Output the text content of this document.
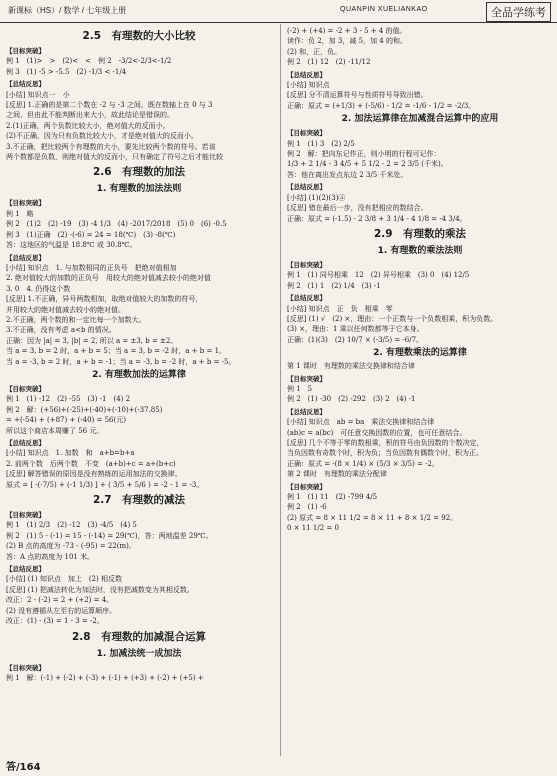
新课标（HS）/ 数学 / 七年级上册	QUANPIN XUELIANKAO	全品学练考
2.5　有理数的大小比较
【目标突破】
例 1　(1)>　>　(2)<　<　例 2　-3/2<-2/3<-1/2
例 3　(1) -5 > -5.5　(2) -1/3 < -1/4
【总结反思】
[小结] 知识点一　小
[反思] 1.正确的是第二个数在 -2 与 -3 之间，既在数轴上在 0 与 3
之间，但由此不能判断出来大小，故此结论是错误的。
2.(1)正确，两个负数比较大小，绝对值大的反而小。
(2)不正确，因为只有负数比较大小，才是绝对值大的反而小。
3.不正确，把比较两个有理数的大小，要先比较两个数的符号。若该
两个数都是负数，则绝对值大的反而小，只有确定了符号之后才能比较
2.6　有理数的加法
1. 有理数的加法法则
【目标突破】
例 1　略
例 2　(1)2　(2) -19　(3) -4 1/3　(4) -2017/2018　(5) 0　(6) -0.5
例 3　(1)正确　(2) -(-6) = 24 = 18(℃)　(3) -8(℃)
答：这地区的气温是 18.8℃ 或 30.8℃。
【总结反思】
[小结] 知识点　1. 与加数相同的正负号　把绝对值相加
2. 绝对值较大的加数的正负号　用较大的绝对值减去较小的绝对值
3. 0　4. 仍得这个数
[反思] 1.不正确，异号两数相加，取绝对值较大的加数的符号，
并用较大的绝对值减去较小的绝对值。
2.不正确，两个数的和一定比每一个加数大。
3.不正确，没有考虑 a<b 的情况。
正确：因为 |a| = 3, |b| = 2, 所以 a = ±3, b = ±2。
当 a = 3, b = 2 时，a + b = 5；当 a = 3, b = -2 时，a + b = 1。
当 a = -3, b = 2 时，a + b = -1；当 a = -3, b = -2 时，a + b = -5。
2. 有理数加法的运算律
【目标突破】
例 1　(1) -12　(2) -55　(3) -1　(4) 2
例 2　解：(+56)+(-25)+(-40)+(-10)+(-37.85)
= +(-54) + (+87) + (-40) = 56(元)
所以这个商店本周赚了 56 元。
【总结反思】
[小结] 知识点　1. 加数　和　a+b=b+a
2. 前两个数　后两个数　不变　(a+b)+c = a+(b+c)
[反思] 解答错误的原因是没有熟练的运用加法的交换律。
原式 = [ -(-7/5) + (-1 1/3) ] + ( 3/5 + 5/6 ) = -2 - 1 = -3。
2.7　有理数的减法
【目标突破】
例 1　(1) 2/3　(2) -12　(3) -4/5　(4) 5
例 2　(1) 5 - (-1) = 15 - (-14) = 29(℃)，答：两地温差 29℃。
(2) B 点的高度为 -73 - (-95) = 22(m)。
答：A 点的高度为 101 米。
【总结反思】
[小结] (1) 知识点　加上　(2) 相反数
[反思] (1) 把减法转化为加法时，没有把减数变为其相反数。
改正：2 - (-2) = 2 + (+2) = 4。
(2) 没有遵循从左至右的运算顺序。
改正：(1) - (3) = 1 - 3 = -2。
2.8　有理数的加减混合运算
1. 加减法统一成加法
【目标突破】
例 1　解：(-1) + (-2) + (-3) + (-1) + (+3) + (-2) + (+5) +
(-2) + (+4) = -2 + 3 - 5 + 4 的值。
读作：负 2，加 3，减 5，加 4 的和。
(2) 和，正，负。
例 2　(1) 12　(2) -11/12
【总结反思】
[小结] 知识点
[反思] 分不清运算符号与性质符号导致出错。
正确：原式 = (+1/3) + (-5/6) - 1/2 = -1/6 - 1/2 = -2/3。
2. 加法运算律在加减混合运算中的应用
【目标突破】
例 1　(1) 3　(2) 2/5
例 2　解：把向东记作正，则小明的行程可记作：
1/3 + 2 1/4 - 3 4/5 + 5 1/2 - 2 = 2 3/5 (千米)。
答：他在离出发点东边 2 3/5 千米处。
【总结反思】
[小结] (1)(2)(3)④
[反思] 错在最后一步，没有把相应的数结合。
正确：原式 = (-1.5) - 2 3/8 + 3 1/4 - 4 1/8 = -4 3/4。
2.9　有理数的乘法
1. 有理数的乘法法则
【目标突破】
例 1　(1) 同号相乘　12　(2) 异号相乘　(3) 0　(4) 12/5
例 2　(1) 1　(2) 1/4　(3) -1
【总结反思】
[小结] 知识点　正　负　相乘　零
[反思] (1) √　(2) ×，理由：一个正数与一个负数相乘，积为负数。
(3) ×，理由：1 乘以任何数都等于它本身。
正确：(1)(3)　(2) 10/7 × (-3/5) = -6/7。
2. 有理数乘法的运算律
第 1 课时　有理数的乘法交换律和结合律
【目标突破】
例 1　5
例 2　(1) -30　(2) -292　(3) 2　(4) -1
【总结反思】
[小结] 知识点　ab = ba　乘法交换律和结合律
(ab)c = a(bc)　可任意交换因数的位置，也可任意结合。
[反思] 几个不等于零的数相乘，积的符号由负因数的个数决定，
当负因数有奇数个时，积为负；当负因数有偶数个时，积为正。
正确：原式 = -(8 × 1/4) × (5/3 × 3/5) = -2。
第 2 课时　有理数的乘法分配律
【目标突破】
例 1　(1) 11　(2) -799 4/5
例 2　(1) -6
(2) 原式 = 8 × 11 1/2 = 8 × 11 + 8 × 1/2 = 92。
0 × 11 1/2 = 0
答/164
